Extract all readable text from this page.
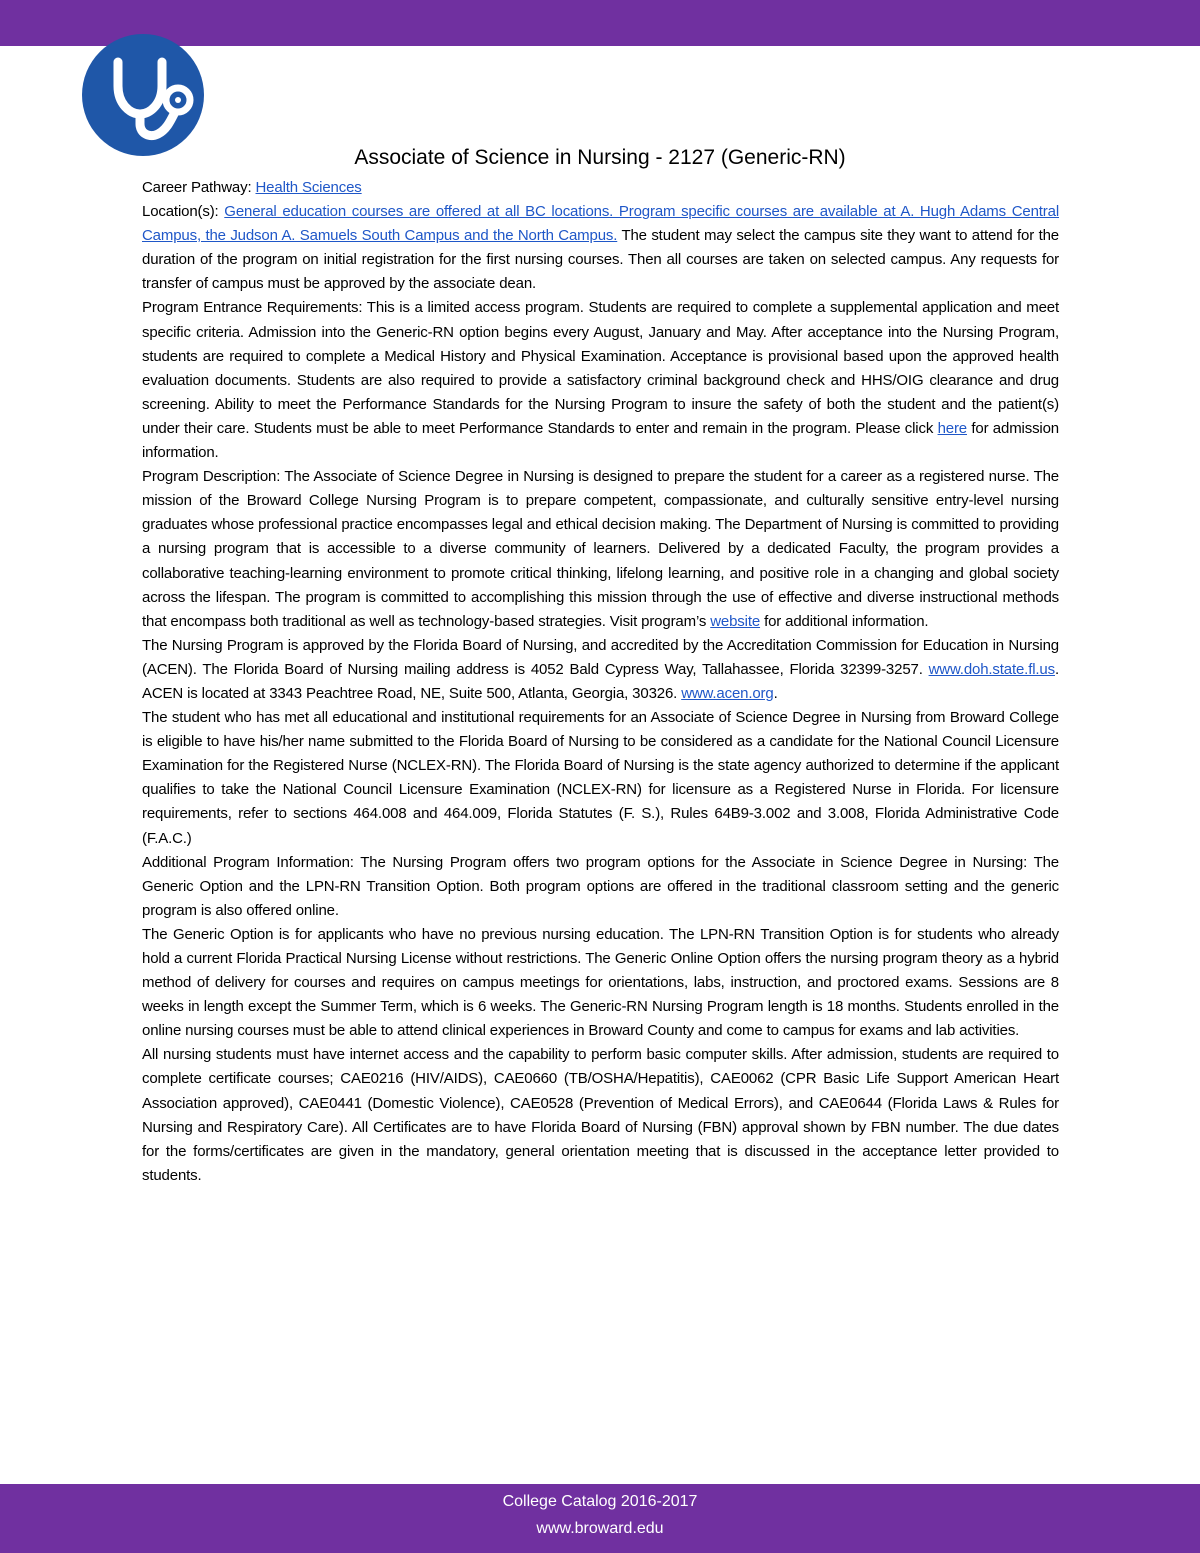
Associate of Science in Nursing - 2127 (Generic-RN)

Career Pathway: Health Sciences

Location(s): General education courses are offered at all BC locations. Program specific courses are available at A. Hugh Adams Central Campus, the Judson A. Samuels South Campus and the North Campus. The student may select the campus site they want to attend for the duration of the program on initial registration for the first nursing courses. Then all courses are taken on selected campus. Any requests for transfer of campus must be approved by the associate dean.

Program Entrance Requirements: This is a limited access program. Students are required to complete a supplemental application and meet specific criteria. Admission into the Generic-RN option begins every August, January and May. After acceptance into the Nursing Program, students are required to complete a Medical History and Physical Examination. Acceptance is provisional based upon the approved health evaluation documents. Students are also required to provide a satisfactory criminal background check and HHS/OIG clearance and drug screening. Ability to meet the Performance Standards for the Nursing Program to insure the safety of both the student and the patient(s) under their care. Students must be able to meet Performance Standards to enter and remain in the program. Please click here for admission information.

Program Description: The Associate of Science Degree in Nursing is designed to prepare the student for a career as a registered nurse. The mission of the Broward College Nursing Program is to prepare competent, compassionate, and culturally sensitive entry-level nursing graduates whose professional practice encompasses legal and ethical decision making. The Department of Nursing is committed to providing a nursing program that is accessible to a diverse community of learners. Delivered by a dedicated Faculty, the program provides a collaborative teaching-learning environment to promote critical thinking, lifelong learning, and positive role in a changing and global society across the lifespan. The program is committed to accomplishing this mission through the use of effective and diverse instructional methods that encompass both traditional as well as technology-based strategies. Visit program’s website for additional information.

The Nursing Program is approved by the Florida Board of Nursing, and accredited by the Accreditation Commission for Education in Nursing (ACEN). The Florida Board of Nursing mailing address is 4052 Bald Cypress Way, Tallahassee, Florida 32399-3257. www.doh.state.fl.us. ACEN is located at 3343 Peachtree Road, NE, Suite 500, Atlanta, Georgia, 30326. www.acen.org.

The student who has met all educational and institutional requirements for an Associate of Science Degree in Nursing from Broward College is eligible to have his/her name submitted to the Florida Board of Nursing to be considered as a candidate for the National Council Licensure Examination for the Registered Nurse (NCLEX-RN). The Florida Board of Nursing is the state agency authorized to determine if the applicant qualifies to take the National Council Licensure Examination (NCLEX-RN) for licensure as a Registered Nurse in Florida. For licensure requirements, refer to sections 464.008 and 464.009, Florida Statutes (F. S.), Rules 64B9-3.002 and 3.008, Florida Administrative Code (F.A.C.)

Additional Program Information: The Nursing Program offers two program options for the Associate in Science Degree in Nursing: The Generic Option and the LPN-RN Transition Option. Both program options are offered in the traditional classroom setting and the generic program is also offered online.

The Generic Option is for applicants who have no previous nursing education. The LPN-RN Transition Option is for students who already hold a current Florida Practical Nursing License without restrictions. The Generic Online Option offers the nursing program theory as a hybrid method of delivery for courses and requires on campus meetings for orientations, labs, instruction, and proctored exams. Sessions are 8 weeks in length except the Summer Term, which is 6 weeks. The Generic-RN Nursing Program length is 18 months. Students enrolled in the online nursing courses must be able to attend clinical experiences in Broward County and come to campus for exams and lab activities.

All nursing students must have internet access and the capability to perform basic computer skills. After admission, students are required to complete certificate courses; CAE0216 (HIV/AIDS), CAE0660 (TB/OSHA/Hepatitis), CAE0062 (CPR Basic Life Support American Heart Association approved), CAE0441 (Domestic Violence), CAE0528 (Prevention of Medical Errors), and CAE0644 (Florida Laws & Rules for Nursing and Respiratory Care). All Certificates are to have Florida Board of Nursing (FBN) approval shown by FBN number. The due dates for the forms/certificates are given in the mandatory, general orientation meeting that is discussed in the acceptance letter provided to students.

College Catalog 2016-2017
www.broward.edu
